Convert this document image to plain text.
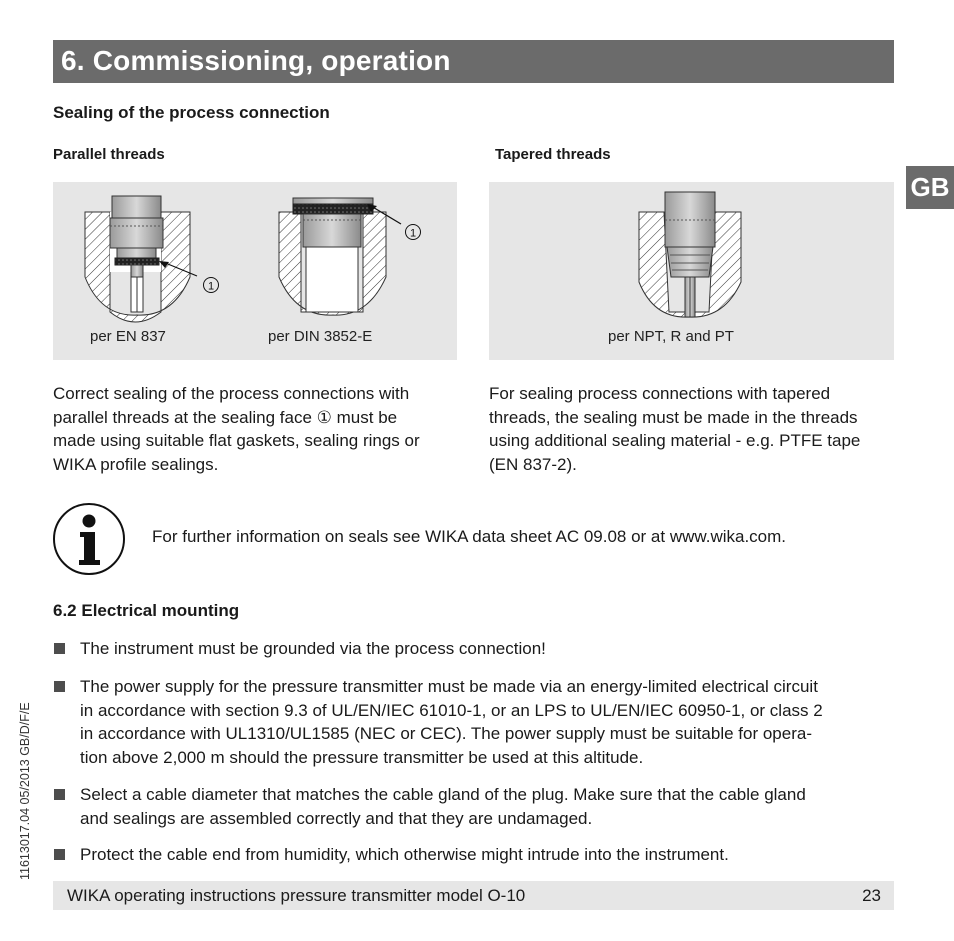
6. Commissioning, operation
GB
Sealing of the process connection
Parallel threads	Tapered threads
1
1
per EN 837	per DIN 3852-E	per NPT, R and PT
Correct sealing of the process connections with
parallel threads at the sealing face ① must be
made using suitable flat gaskets, sealing rings or
WIKA profile sealings.
For sealing process connections with tapered
threads, the sealing must be made in the threads
using additional sealing material - e.g. PTFE tape
(EN 837-2).
For further information on seals see WIKA data sheet AC 09.08 or at www.wika.com.
6.2 Electrical mounting
The instrument must be grounded via the process connection!
The power supply for the pressure transmitter must be made via an energy-limited electrical circuit
in accordance with section 9.3 of UL/EN/IEC 61010-1, or an LPS to UL/EN/IEC 60950-1, or class 2
in accordance with UL1310/UL1585 (NEC or CEC). The power supply must be suitable for opera-
tion above 2,000 m should the pressure transmitter be used at this altitude.
Select a cable diameter that matches the cable gland of the plug. Make sure that the cable gland
and sealings are assembled correctly and that they are undamaged.
Protect the cable end from humidity, which otherwise might intrude into the instrument.
11613017.04 05/2013 GB/D/F/E
WIKA operating instructions pressure transmitter model O-10	23
